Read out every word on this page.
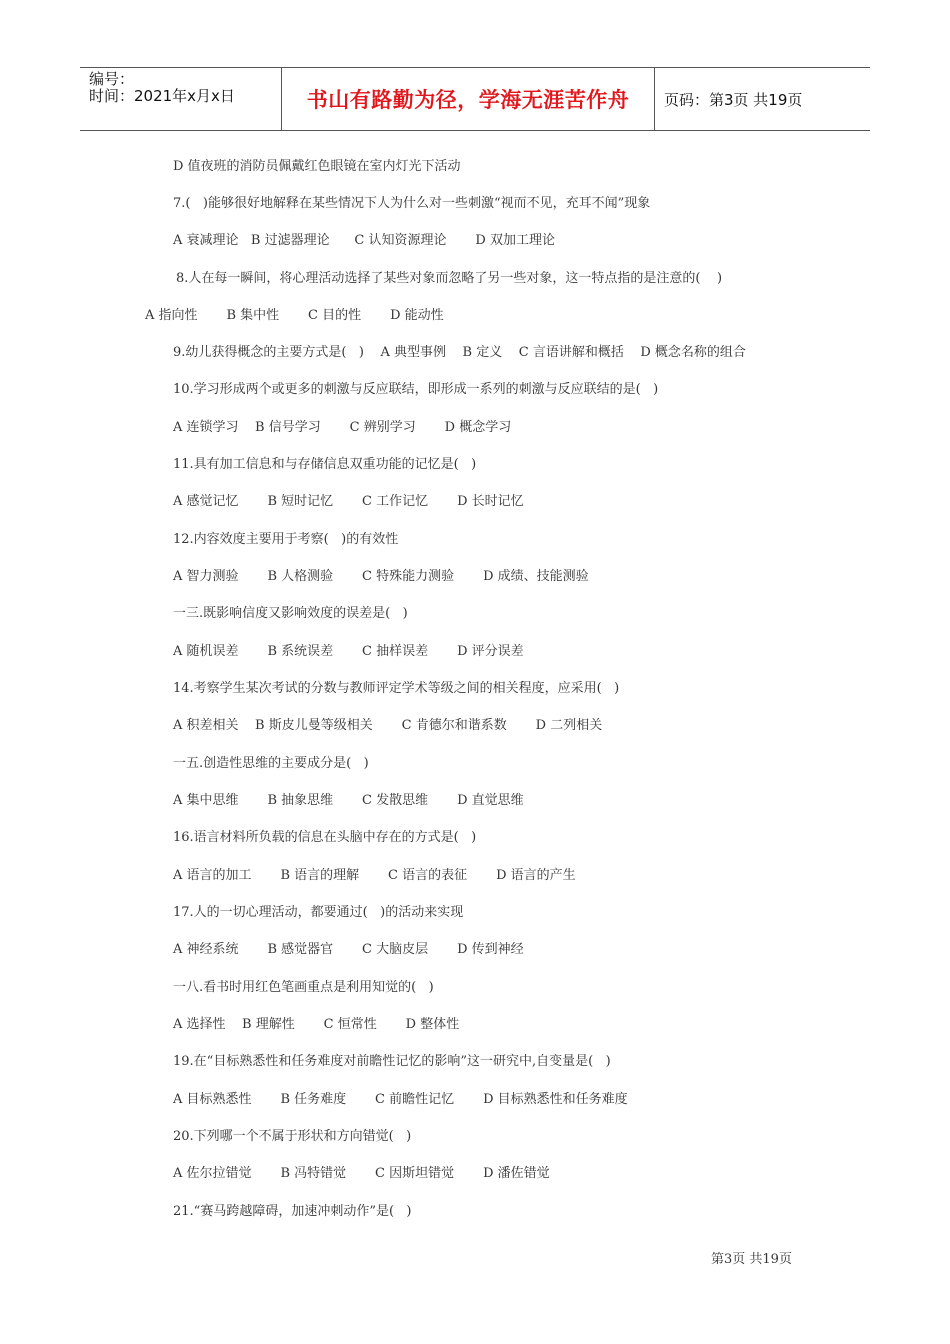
编号：
时间：2021年x月x日	书山有路勤为径，学海无涯苦作舟	页码：第3页 共19页
D 值夜班的消防员佩戴红色眼镜在室内灯光下活动
7.(   )能够很好地解释在某些情况下人为什么对一些刺激“视而不见，充耳不闻”现象
A 衰减理论   B 过滤器理论      C 认知资源理论       D 双加工理论
8.人在每一瞬间，将心理活动选择了某些对象而忽略了另一些对象，这一特点指的是注意的(    )
A 指向性       B 集中性       C 目的性       D 能动性
9.幼儿获得概念的主要方式是(   )    A 典型事例    B 定义    C 言语讲解和概括    D 概念名称的组合
10.学习形成两个或更多的刺激与反应联结，即形成一系列的刺激与反应联结的是(   )
A 连锁学习    B 信号学习       C 辨别学习       D 概念学习
11.具有加工信息和与存储信息双重功能的记忆是(   )
A 感觉记忆       B 短时记忆       C 工作记忆       D 长时记忆
12.内容效度主要用于考察(   )的有效性
A 智力测验       B 人格测验       C 特殊能力测验       D 成绩、技能测验
一三.既影响信度又影响效度的误差是(   )
A 随机误差       B 系统误差       C 抽样误差       D 评分误差
14.考察学生某次考试的分数与教师评定学术等级之间的相关程度，应采用(   )
A 积差相关    B 斯皮儿曼等级相关       C 肯德尔和谐系数       D 二列相关
一五.创造性思维的主要成分是(   )
A 集中思维       B 抽象思维       C 发散思维       D 直觉思维
16.语言材料所负载的信息在头脑中存在的方式是(   )
A 语言的加工       B 语言的理解       C 语言的表征       D 语言的产生
17.人的一切心理活动，都要通过(   )的活动来实现
A 神经系统       B 感觉器官       C 大脑皮层       D 传到神经
一八.看书时用红色笔画重点是利用知觉的(   )
A 选择性    B 理解性       C 恒常性       D 整体性
19.在“目标熟悉性和任务难度对前瞻性记忆的影响”这一研究中,自变量是(   )
A 目标熟悉性       B 任务难度       C 前瞻性记忆       D 目标熟悉性和任务难度
20.下列哪一个不属于形状和方向错觉(   )
A 佐尔拉错觉       B 冯特错觉       C 因斯坦错觉       D 潘佐错觉
21.“赛马跨越障碍，加速冲刺动作”是(   )
第3页 共19页
